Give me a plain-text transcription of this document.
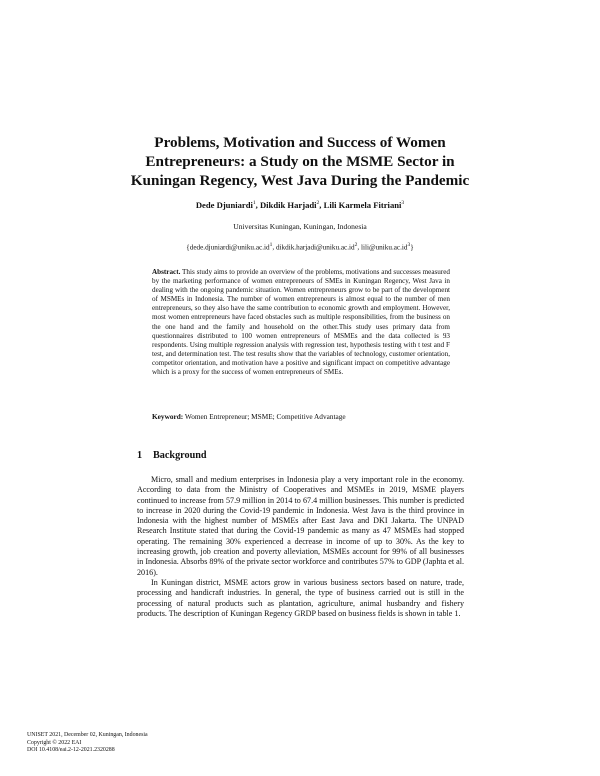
Problems, Motivation and Success of Women
Entrepreneurs: a Study on the MSME Sector in
Kuningan Regency, West Java During the Pandemic
Dede Djuniardi$^1$, Dikdik Harjadi$^2$, Lili Karmela Fitriani$^3$
Universitas Kuningan, Kuningan, Indonesia
{$dede.djuniardi@uniku.ac.id^1$, $dikdik.harjadi@uniku.ac.id^2$, $lili@uniku.ac.id^3$}
Abstract. This study aims to provide an overview of the problems, motivations and successes measured by the marketing performance of women entrepreneurs of SMEs in Kuningan Regency, West Java in dealing with the ongoing pandemic situation. Women entrepreneurs grow to be part of the development of MSMEs in Indonesia. The number of women entrepreneurs is almost equal to the number of men entrepreneurs, so they also have the same contribution to economic growth and employment. However, most women entrepreneurs have faced obstacles such as multiple responsibilities, from the business on the one hand and the family and household on the other.This study uses primary data from questionnaires distributed to 100 women entrepreneurs of MSMEs and the data collected is 93 respondents. Using multiple regression analysis with regression test, hypothesis testing with t test and F test, and determination test. The test results show that the variables of technology, customer orientation, competitor orientation, and motivation have a positive and significant impact on competitive advantage which is a proxy for the success of women entrepreneurs of SMEs.
Keyword: Women Entrepreneur; MSME; Competitive Advantage
1 Background

Micro, small and medium enterprises in Indonesia play a very important role in the economy. According to data from the Ministry of Cooperatives and MSMEs in 2019, MSME players continued to increase from 57.9 million in 2014 to 67.4 million businesses. This number is predicted to increase in 2020 during the Covid-19 pandemic in Indonesia. West Java is the third province in Indonesia with the highest number of MSMEs after East Java and DKI Jakarta. The UNPAD Research Institute stated that during the Covid-19 pandemic as many as 47 MSMEs had stopped operating. The remaining 30% experienced a decrease in income of up to 30%. As the key to increasing growth, job creation and poverty alleviation, MSMEs account for 99% of all businesses in Indonesia. Absorbs 89% of the private sector workforce and contributes 57% to GDP (Japhta et al. 2016).

In Kuningan district, MSME actors grow in various business sectors based on nature, trade, processing and handicraft industries. In general, the type of business carried out is still in the processing of natural products such as plantation, agriculture, animal husbandry and fishery products. The description of Kuningan Regency GRDP based on business fields is shown in table 1.

UNISET 2021, December 02, Kuningan, Indonesia
Copyright © 2022 EAI
DOI 10.4108/eai.2-12-2021.2320288
